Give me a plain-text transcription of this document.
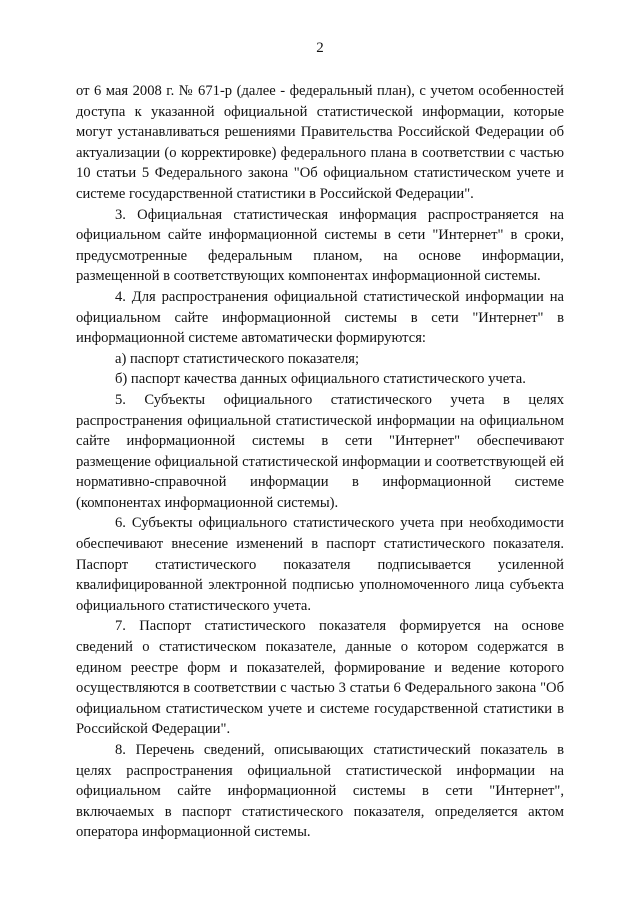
2

от 6 мая 2008 г. № 671-р (далее - федеральный план), с учетом особенностей доступа к указанной официальной статистической информации, которые могут устанавливаться решениями Правительства Российской Федерации об актуализации (о корректировке) федерального плана в соответствии с частью 10 статьи 5 Федерального закона "Об официальном статистическом учете и системе государственной статистики в Российской Федерации".

3. Официальная статистическая информация распространяется на официальном сайте информационной системы в сети "Интернет" в сроки, предусмотренные федеральным планом, на основе информации, размещенной в соответствующих компонентах информационной системы.

4. Для распространения официальной статистической информации на официальном сайте информационной системы в сети "Интернет" в информационной системе автоматически формируются:

а) паспорт статистического показателя;

б) паспорт качества данных официального статистического учета.

5. Субъекты официального статистического учета в целях распространения официальной статистической информации на официальном сайте информационной системы в сети "Интернет" обеспечивают размещение официальной статистической информации и соответствующей ей нормативно-справочной информации в информационной системе (компонентах информационной системы).

6. Субъекты официального статистического учета при необходимости обеспечивают внесение изменений в паспорт статистического показателя. Паспорт статистического показателя подписывается усиленной квалифицированной электронной подписью уполномоченного лица субъекта официального статистического учета.

7. Паспорт статистического показателя формируется на основе сведений о статистическом показателе, данные о котором содержатся в едином реестре форм и показателей, формирование и ведение которого осуществляются в соответствии с частью 3 статьи 6 Федерального закона "Об официальном статистическом учете и системе государственной статистики в Российской Федерации".

8. Перечень сведений, описывающих статистический показатель в целях распространения официальной статистической информации на официальном сайте информационной системы в сети "Интернет", включаемых в паспорт статистического показателя, определяется актом оператора информационной системы.
